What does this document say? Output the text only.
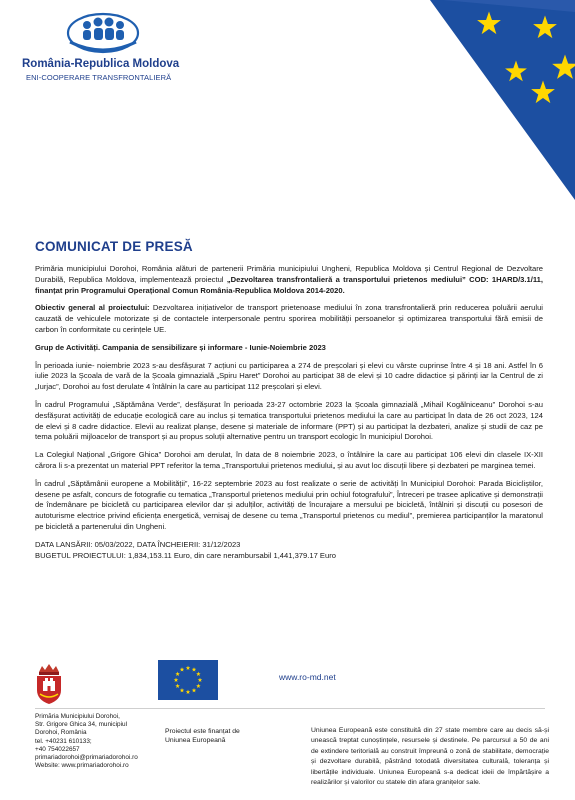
România-Republica Moldova
ENI-COOPERARE TRANSFRONTALIERĂ
COMUNICAT DE PRESĂ

Primăria municipiului Dorohoi, România alături de partenerii Primăria municipiului Ungheni, Republica Moldova și Centrul Regional de Dezvoltare Durabilă, Republica Moldova, implementează proiectul „Dezvoltarea transfrontalieră a transportului prietenos mediului” COD: 1HARD/3.1/11, finanțat prin Programului Operațional Comun România-Republica Moldova 2014-2020.

Obiectiv general al proiectului: Dezvoltarea inițiativelor de transport prietenoase mediului în zona transfrontalieră prin reducerea poluării aerului cauzată de vehiculele motorizate și de contactele interpersonale pentru sporirea mobilității persoanelor și optimizarea transportului fără emisii de carbon în conformitate cu cerințele UE.

Grup de Activități. Campania de sensibilizare și informare - Iunie-Noiembrie 2023

În perioada iunie- noiembrie 2023 s-au desfășurat 7 acțiuni cu participarea a 274 de preșcolari și elevi cu vârste cuprinse între 4 și 18 ani. Astfel în 6 iulie 2023 la Școala de vară de la Școala gimnazială „Spiru Haret” Dorohoi au participat 38 de elevi și 10 cadre didactice și părinți iar la Centrul de zi „Iurjac”, Dorohoi au fost derulate 4 întâlnin la care au participat 112 preșcolari și elevi.

În cadrul Programului „Săptămâna Verde”, desfășurat în perioada 23-27 octombrie 2023 la Școala gimnazială „Mihail Kogălniceanu” Dorohoi s-au desfășurat activități de educație ecologică care au inclus și tematica transportului prietenos mediului la care au participat în data de 26 oct 2023, 124 de elevi și 8 cadre didactice. Elevii au realizat planșe, desene și materiale de informare (PPT) și au participat la dezbateri, analize și studii de caz pe tema poluării mijloacelor de transport și au propus soluții alternative pentru un transport ecologic în municipiul Dorohoi.

La Colegiul Național „Grigore Ghica” Dorohoi am derulat, în data de 8 noiembrie 2023, o întâlnire la care au participat 106 elevi din clasele IX-XII cărora li s-a prezentat un material PPT referitor la tema „Transportului prietenos mediului„ și au avut loc discuții libere și dezbateri pe marginea temei.

În cadrul „Săptămânii europene a Mobilității”, 16-22 septembrie 2023 au fost realizate o serie de activități în Municipiul Dorohoi: Parada Bicicliștilor, desene pe asfalt, concurs de fotografie cu tematica „Transportul prietenos mediului prin ochiul fotografului”, Întreceri pe trasee aplicative și demonstrații de îndemânare pe bicicletă cu participarea elevilor dar și adulților, activități de încurajare a mersului pe bicicletă, întâlniri și discuții cu posesori de autoturisme electrice privind eficiența energetică, vernisaj de desene cu tema „Transportul prietenos cu mediul”, premierea participanților la maratonul pe bicicletă a partenerului din Ungheni.

DATA LANSĂRII: 05/03/2022, DATA ÎNCHEIERII: 31/12/2023

BUGETUL PROIECTULUI: 1,834,153.11 Euro, din care nerambursabil 1,441,379.17 Euro

www.ro-md.net
Primăria Municipiului Dorohoi,
Str. Grigore Ghica 34, municipiul
Dorohoi, România
tel. +40231 610133;
+40 754022657
primariadorohoi@primariadorohoi.ro
Website: www.primariadorohoi.ro
Proiectul este finanțat de
Uniunea Europeană
Uniunea Europeană este constituită din 27 state membre care au decis să-și unească treptat cunoștințele, resursele și destinele. Pe parcursul a 50 de ani de extindere teritorială au construit împreună o zonă de stabilitate, democrație și dezvoltare durabilă, păstrând totodată diversitatea culturală, toleranța și libertățile individuale. Uniunea Europeană s-a dedicat ideii de împărtășire a realizărilor și valorilor cu statele din afara granițelor sale.
